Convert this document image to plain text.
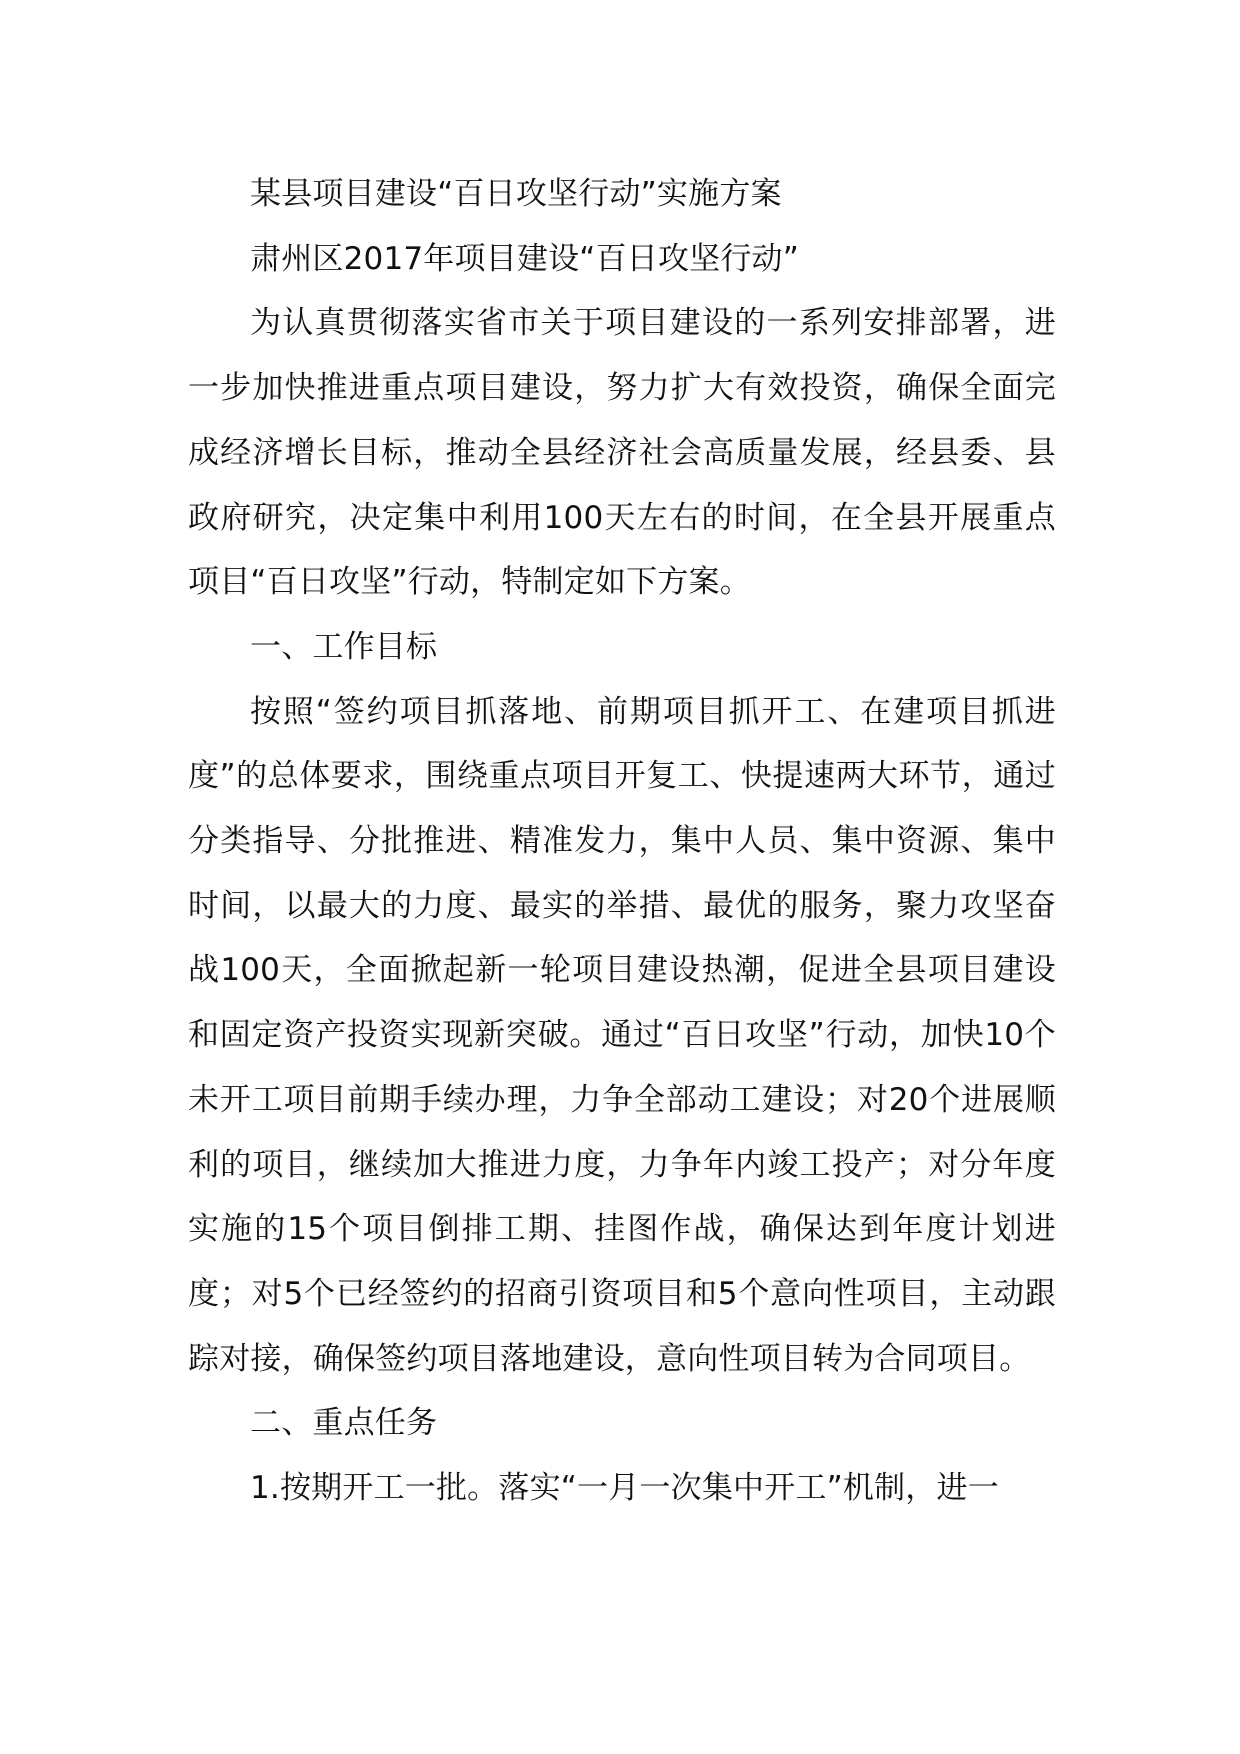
某县项目建设“百日攻坚行动”实施方案

肃州区2017年项目建设“百日攻坚行动”

为认真贯彻落实省市关于项目建设的一系列安排部署，进一步加快推进重点项目建设，努力扩大有效投资，确保全面完成经济增长目标，推动全县经济社会高质量发展，经县委、县政府研究，决定集中利用100天左右的时间，在全县开展重点项目“百日攻坚”行动，特制定如下方案。

一、工作目标

按照“签约项目抓落地、前期项目抓开工、在建项目抓进度”的总体要求，围绕重点项目开复工、快提速两大环节，通过分类指导、分批推进、精准发力，集中人员、集中资源、集中时间，以最大的力度、最实的举措、最优的服务，聚力攻坚奋战100天，全面掀起新一轮项目建设热潮，促进全县项目建设和固定资产投资实现新突破。通过“百日攻坚”行动，加快10个未开工项目前期手续办理，力争全部动工建设；对20个进展顺利的项目，继续加大推进力度，力争年内竣工投产；对分年度实施的15个项目倒排工期、挂图作战，确保达到年度计划进度；对5个已经签约的招商引资项目和5个意向性项目，主动跟踪对接，确保签约项目落地建设，意向性项目转为合同项目。

二、重点任务

1.按期开工一批。落实“一月一次集中开工”机制，进一
